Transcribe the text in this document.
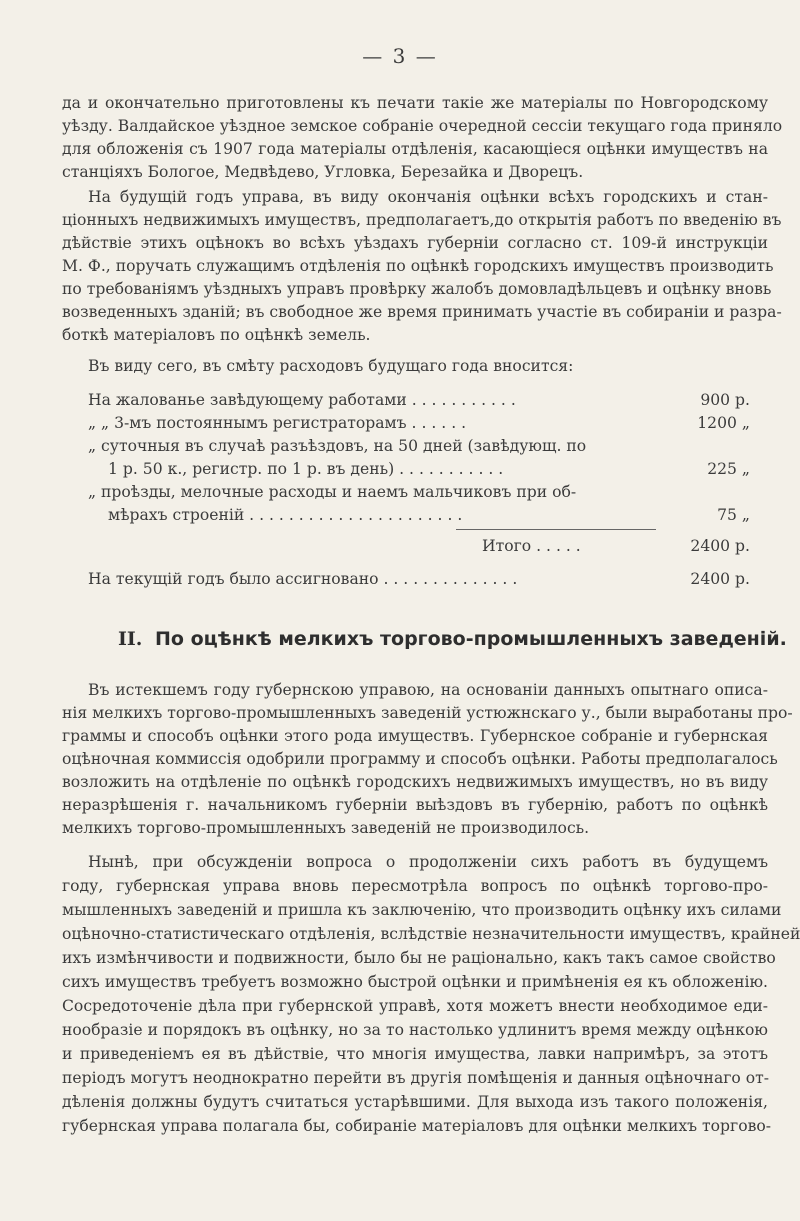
— 3 —
да и окончательно приготовлены къ печати такіе же матеріалы по Новгородскому
уѣзду. Валдайское уѣздное земское собраніе очередной сессіи текущаго года приняло
для обложенія съ 1907 года матеріалы отдѣленія, касающіеся оцѣнки имуществъ на
станціяхъ Бологое, Медвѣдево, Угловка, Березайка и Дворецъ.
На будущій годъ управа, въ виду окончанія оцѣнки всѣхъ городскихъ и стан-
ціонныхъ недвижимыхъ имуществъ, предполагаетъ,до открытія работъ по введенію въ
дѣйствіе этихъ оцѣнокъ во всѣхъ уѣздахъ губерніи согласно ст. 109-й инструкціи
М. Ф., поручать служащимъ отдѣленія по оцѣнкѣ городскихъ имуществъ производить
по требованіямъ уѣздныхъ управъ провѣрку жалобъ домовладѣльцевъ и оцѣнку вновь
возведенныхъ зданій; въ свободное же время принимать участіе въ собираніи и разра-
боткѣ матеріаловъ по оцѣнкѣ земель.
Въ виду сего, въ смѣту расходовъ будущаго года вносится:
На жалованье завѣдующему работами . . . . . . . . . . .	900 р.
„ „ 3-мъ постояннымъ регистраторамъ . . . . . .	1200 „
„ суточныя въ случаѣ разъѣздовъ, на 50 дней (завѣдующ. по
1 р. 50 к., регистр. по 1 р. въ день) . . . . . . . . . . .	225 „
„ проѣзды, мелочные расходы и наемъ мальчиковъ при об-
мѣрахъ строеній . . . . . . . . . . . . . . . . . . . . . .	75 „
Итого . . . . .	2400 р.
На текущій годъ было ассигновано . . . . . . . . . . . . . .	2400 р.
II. По оцѣнкѣ мелкихъ торгово-промышленныхъ заведеній.
Въ истекшемъ году губернскою управою, на основаніи данныхъ опытнаго описа-
нія мелкихъ торгово-промышленныхъ заведеній устюжнскаго у., были выработаны про-
граммы и способъ оцѣнки этого рода имуществъ. Губернское собраніе и губернская
оцѣночная коммиссія одобрили программу и способъ оцѣнки. Работы предполагалось
возложить на отдѣленіе по оцѣнкѣ городскихъ недвижимыхъ имуществъ, но въ виду
неразрѣшенія г. начальникомъ губерніи выѣздовъ въ губернію, работъ по оцѣнкѣ
мелкихъ торгово-промышленныхъ заведеній не производилось.
Нынѣ, при обсужденіи вопроса о продолженіи сихъ работъ въ будущемъ
году, губернская управа вновь пересмотрѣла вопросъ по оцѣнкѣ торгово-про-
мышленныхъ заведеній и пришла къ заключенію, что производить оцѣнку ихъ силами
оцѣночно-статистическаго отдѣленія, вслѣдствіе незначительности имуществъ, крайней
ихъ измѣнчивости и подвижности, было бы не раціонально, какъ такъ самое свойство
сихъ имуществъ требуетъ возможно быстрой оцѣнки и примѣненія ея къ обложенію.
Сосредоточеніе дѣла при губернской управѣ, хотя можетъ внести необходимое еди-
нообразіе и порядокъ въ оцѣнку, но за то настолько удлинитъ время между оцѣнкою
и приведеніемъ ея въ дѣйствіе, что многія имущества, лавки напримѣръ, за этотъ
періодъ могутъ неоднократно перейти въ другія помѣщенія и данныя оцѣночнаго от-
дѣленія должны будутъ считаться устарѣвшими. Для выхода изъ такого положенія,
губернская управа полагала бы, собираніе матеріаловъ для оцѣнки мелкихъ торгово-
